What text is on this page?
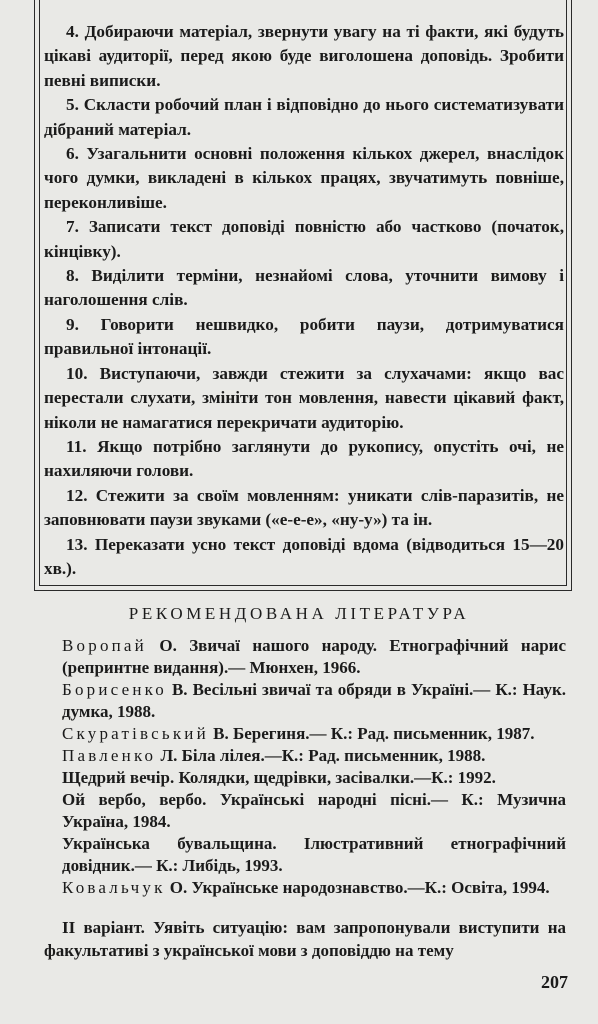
4. Добираючи матеріал, звернути увагу на ті факти, які будуть цікаві аудиторії, перед якою буде виголошена доповідь. Зробити певні виписки.

5. Скласти робочий план і відповідно до нього систематизувати дібраний матеріал.

6. Узагальнити основні положення кількох джерел, внаслідок чого думки, викладені в кількох працях, звучатимуть повніше, переконливіше.

7. Записати текст доповіді повністю або частково (початок, кінцівку).

8. Виділити терміни, незнайомі слова, уточнити вимову і наголошення слів.

9. Говорити нешвидко, робити паузи, дотримуватися правильної інтонації.

10. Виступаючи, завжди стежити за слухачами: якщо вас перестали слухати, змініти тон мовлення, навести цікавий факт, ніколи не намагатися перекричати аудиторію.

11. Якщо потрібно заглянути до рукопису, опустіть очі, не нахиляючи голови.

12. Стежити за своїм мовленням: уникати слів-паразитів, не заповнювати паузи звуками («е-е-е», «ну-у») та ін.

13. Переказати усно текст доповіді вдома (відводиться 15—20 хв.).

РЕКОМЕНДОВАНА ЛІТЕРАТУРА

Воропай О. Звичаї нашого народу. Етнографічний нарис (репринтне видання).— Мюнхен, 1966.

Борисенко В. Весільні звичаї та обряди в Україні.— К.: Наук. думка, 1988.

Скуратівський В. Берегиня.— К.: Рад. письменник, 1987.

Павленко Л. Біла лілея.—К.: Рад. письменник, 1988.

Щедрий вечір. Колядки, щедрівки, засівалки.—К.: 1992.

Ой вербо, вербо. Українські народні пісні.— К.: Музична Україна, 1984.

Українська бувальщина. Ілюстративний етнографічний довідник.— К.: Либідь, 1993.

Ковальчук О. Українське народознавство.—К.: Освіта, 1994.

II варіант. Уявіть ситуацію: вам запропонували виступити на факультативі з української мови з доповіддю на тему

207
